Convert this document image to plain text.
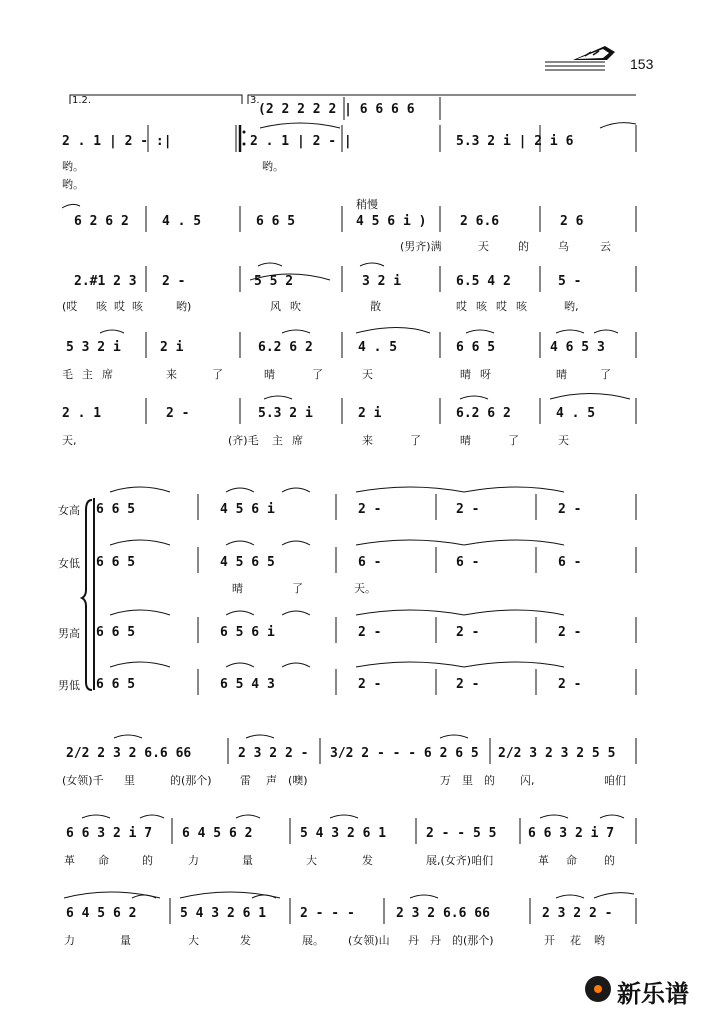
153
1.2.	3.
(2 2 2 2 2 | 6 6 6 6
2 . 1 | 2 - :|	2 . 1 | 2 - |	5.3 2 i | 2 i 6
哟。	哟。
哟。
稍慢
6 2 6 2	4 . 5	6 6 5	4 5 6 i )	2 6.6	2 6
(男齐)满	天	的	乌	云
2.#1 2 3 2 -	5 5 2	3 2 i	6.5 4 2	5 -
(哎 咳 哎 咳	哟)	风 吹	散	哎 咳 哎 咳	哟,
5 3 2 i	2 i	6.2 6 2	4 . 5	6 6 5	4 6 5 3
毛 主 席	来	了	晴	了	天	晴 呀	晴	了
2 . 1	2 -	5.3 2 i	2 i	6.2 6 2	4 . 5
天,	(齐)毛 主 席	来	了	晴	了	天
女高
女低
男高
男低
6 6 5	4 5 6 i	2 -	2 -	2 -
6 6 5	4 5 6 5	6 -	6 -	6 -
晴	了	天。
6 6 5	6 5 6 i	2 -	2 -	2 -
6 6 5	6 5 4 3	2 -	2 -	2 -
2/2 2 3 2 6.6 66	2 3 2 2 - 3/2 2 - - - 6 2 6 5 2/2 3 2 3 2 5 5
(女领)千 里	的(那个)	雷 声 (噢)	万 里 的 闪,	咱们
6 6 3 2 i 7 6 4 5 6 2	5 4 3 2 6 1	2 - - 5 5 6 6 3 2 i 7
革 命	的	力	量	大	发	展,(女齐)咱们	革 命 的
6 4 5 6 2	5 4 3 2 6 1	2 - - -	2 3 2 6.6 66	2 3 2 2 -
力	量	大	发	展。 (女领)山 丹 丹 的(那个)	开 花 哟
新乐谱
